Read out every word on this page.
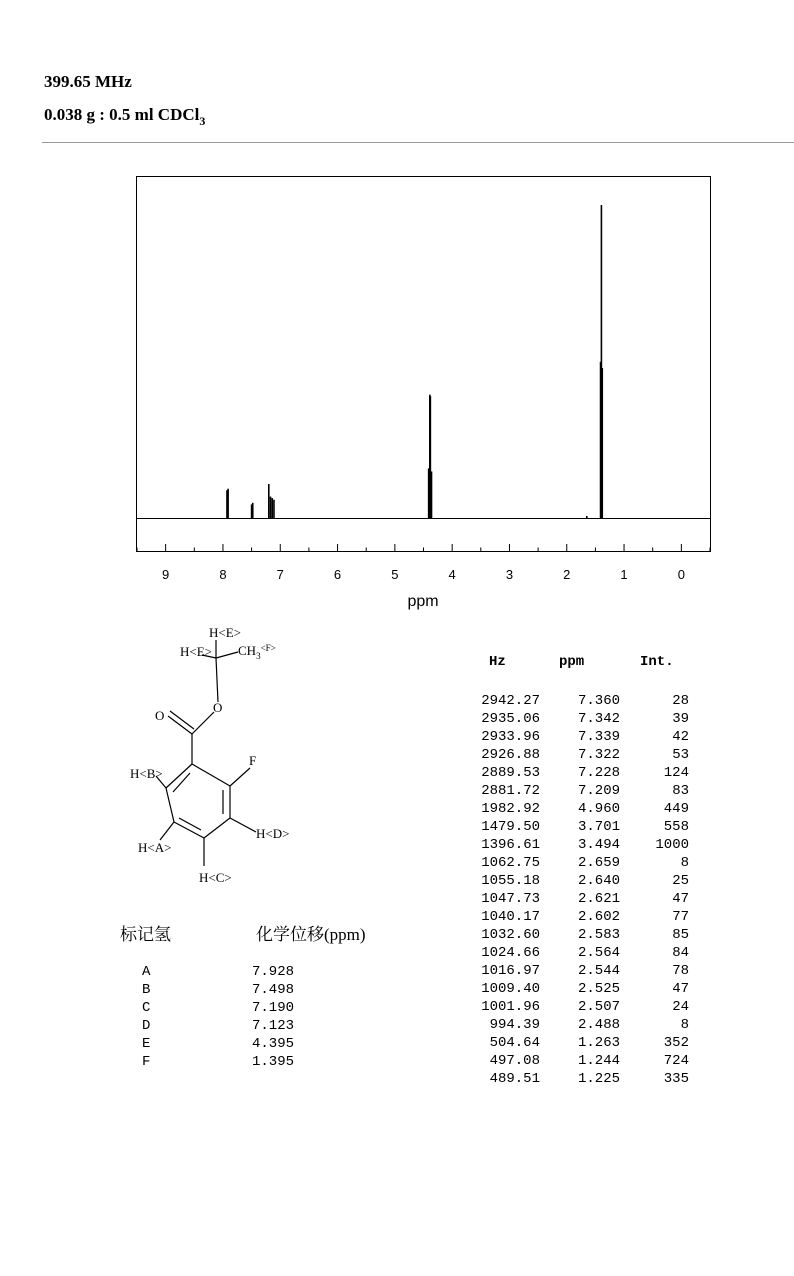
399.65 MHz
0.038 g : 0.5 ml CDCl$_3$
9	8	7	6	5	4	3	2	1	0
ppm
H<E>
$H<E> CH_3^{<F>}$
O
O
F
H<B>
H<A>
H<C>
H<D>
标记氢	化学位移(ppm)
A	7.928
B	7.498
C	7.190
D	7.123
E	4.395
F	1.395
Hz	ppm	Int.
2942.27	7.360	28
2935.06	7.342	39
2933.96	7.339	42
2926.88	7.322	53
2889.53	7.228	124
2881.72	7.209	83
1982.92	4.960	449
1479.50	3.701	558
1396.61	3.494	1000
1062.75	2.659	8
1055.18	2.640	25
1047.73	2.621	47
1040.17	2.602	77
1032.60	2.583	85
1024.66	2.564	84
1016.97	2.544	78
1009.40	2.525	47
1001.96	2.507	24
994.39	2.488	8
504.64	1.263	352
497.08	1.244	724
489.51	1.225	335
